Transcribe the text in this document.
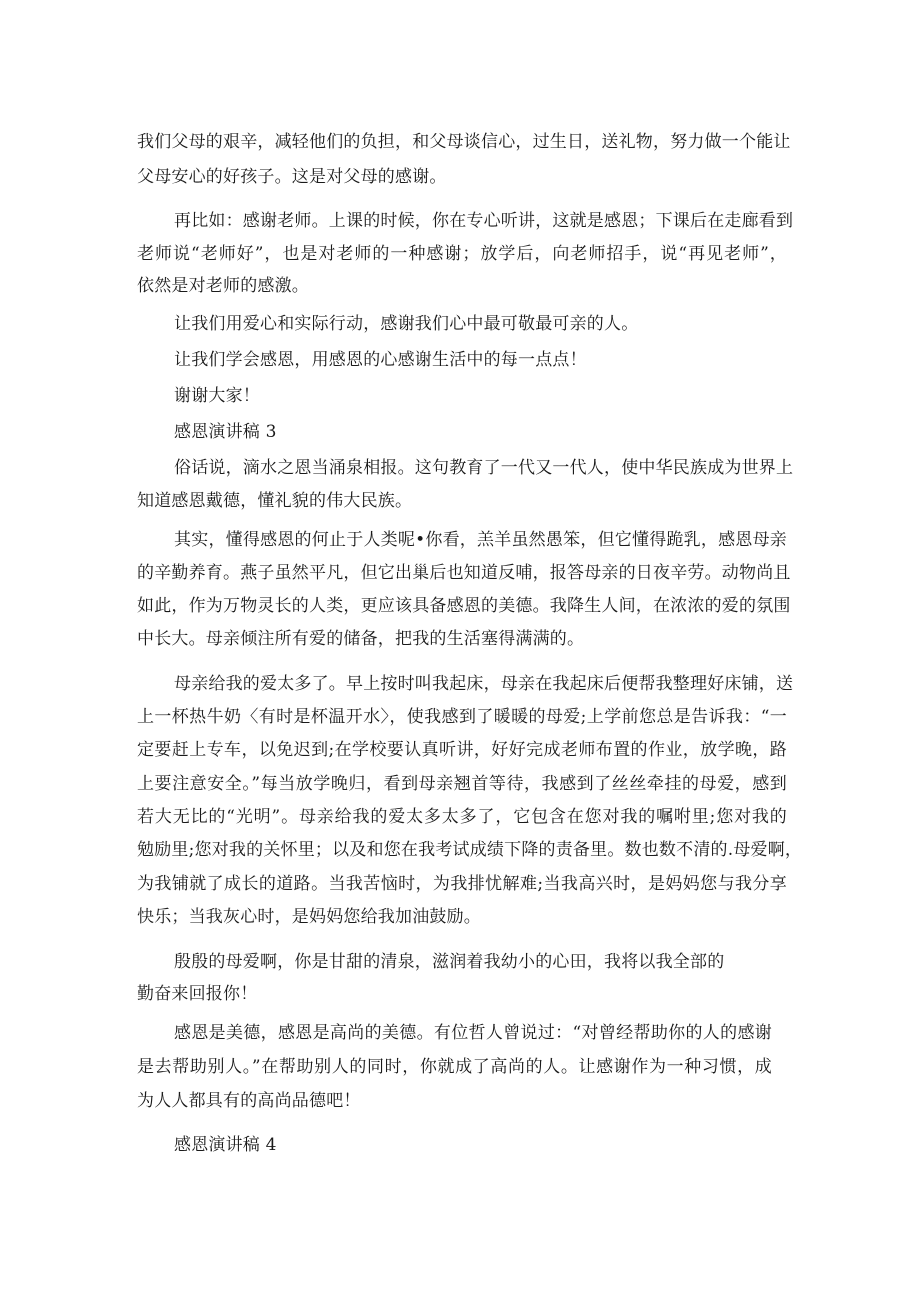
我们父母的艰辛，减轻他们的负担，和父母谈信心，过生日，送礼物，努力做一个能让
父母安心的好孩子。这是对父母的感谢。
再比如：感谢老师。上课的时候，你在专心听讲，这就是感恩；下课后在走廊看到
老师说“老师好”，也是对老师的一种感谢；放学后，向老师招手，说“再见老师”，
依然是对老师的感激。
让我们用爱心和实际行动，感谢我们心中最可敬最可亲的人。
让我们学会感恩，用感恩的心感谢生活中的每一点点！
谢谢大家！
感恩演讲稿 3
俗话说，滴水之恩当涌泉相报。这句教育了一代又一代人，使中华民族成为世界上
知道感恩戴德，懂礼貌的伟大民族。
其实，懂得感恩的何止于人类呢•你看，羔羊虽然愚笨，但它懂得跪乳，感恩母亲
的辛勤养育。燕子虽然平凡，但它出巢后也知道反哺，报答母亲的日夜辛劳。动物尚且
如此，作为万物灵长的人类，更应该具备感恩的美德。我降生人间，在浓浓的爱的氛围
中长大。母亲倾注所有爱的储备，把我的生活塞得满满的。
母亲给我的爱太多了。早上按时叫我起床，母亲在我起床后便帮我整理好床铺，送
上一杯热牛奶〈有时是杯温开水〉，使我感到了暖暖的母爱;上学前您总是告诉我：“一
定要赶上专车，以免迟到;在学校要认真听讲，好好完成老师布置的作业，放学晚，路
上要注意安全。”每当放学晚归，看到母亲翘首等待，我感到了丝丝牵挂的母爱，感到
若大无比的“光明”。母亲给我的爱太多太多了，它包含在您对我的嘱咐里;您对我的
勉励里;您对我的关怀里；以及和您在我考试成绩下降的责备里。数也数不清的.母爱啊，
为我铺就了成长的道路。当我苦恼时，为我排忧解难;当我高兴时，是妈妈您与我分享
快乐；当我灰心时，是妈妈您给我加油鼓励。
殷殷的母爱啊，你是甘甜的清泉，滋润着我幼小的心田，我将以我全部的
勤奋来回报你！
感恩是美德，感恩是高尚的美德。有位哲人曾说过：“对曾经帮助你的人的感谢
是去帮助别人。”在帮助别人的同时，你就成了高尚的人。让感谢作为一种习惯，成
为人人都具有的高尚品德吧！
感恩演讲稿 4
